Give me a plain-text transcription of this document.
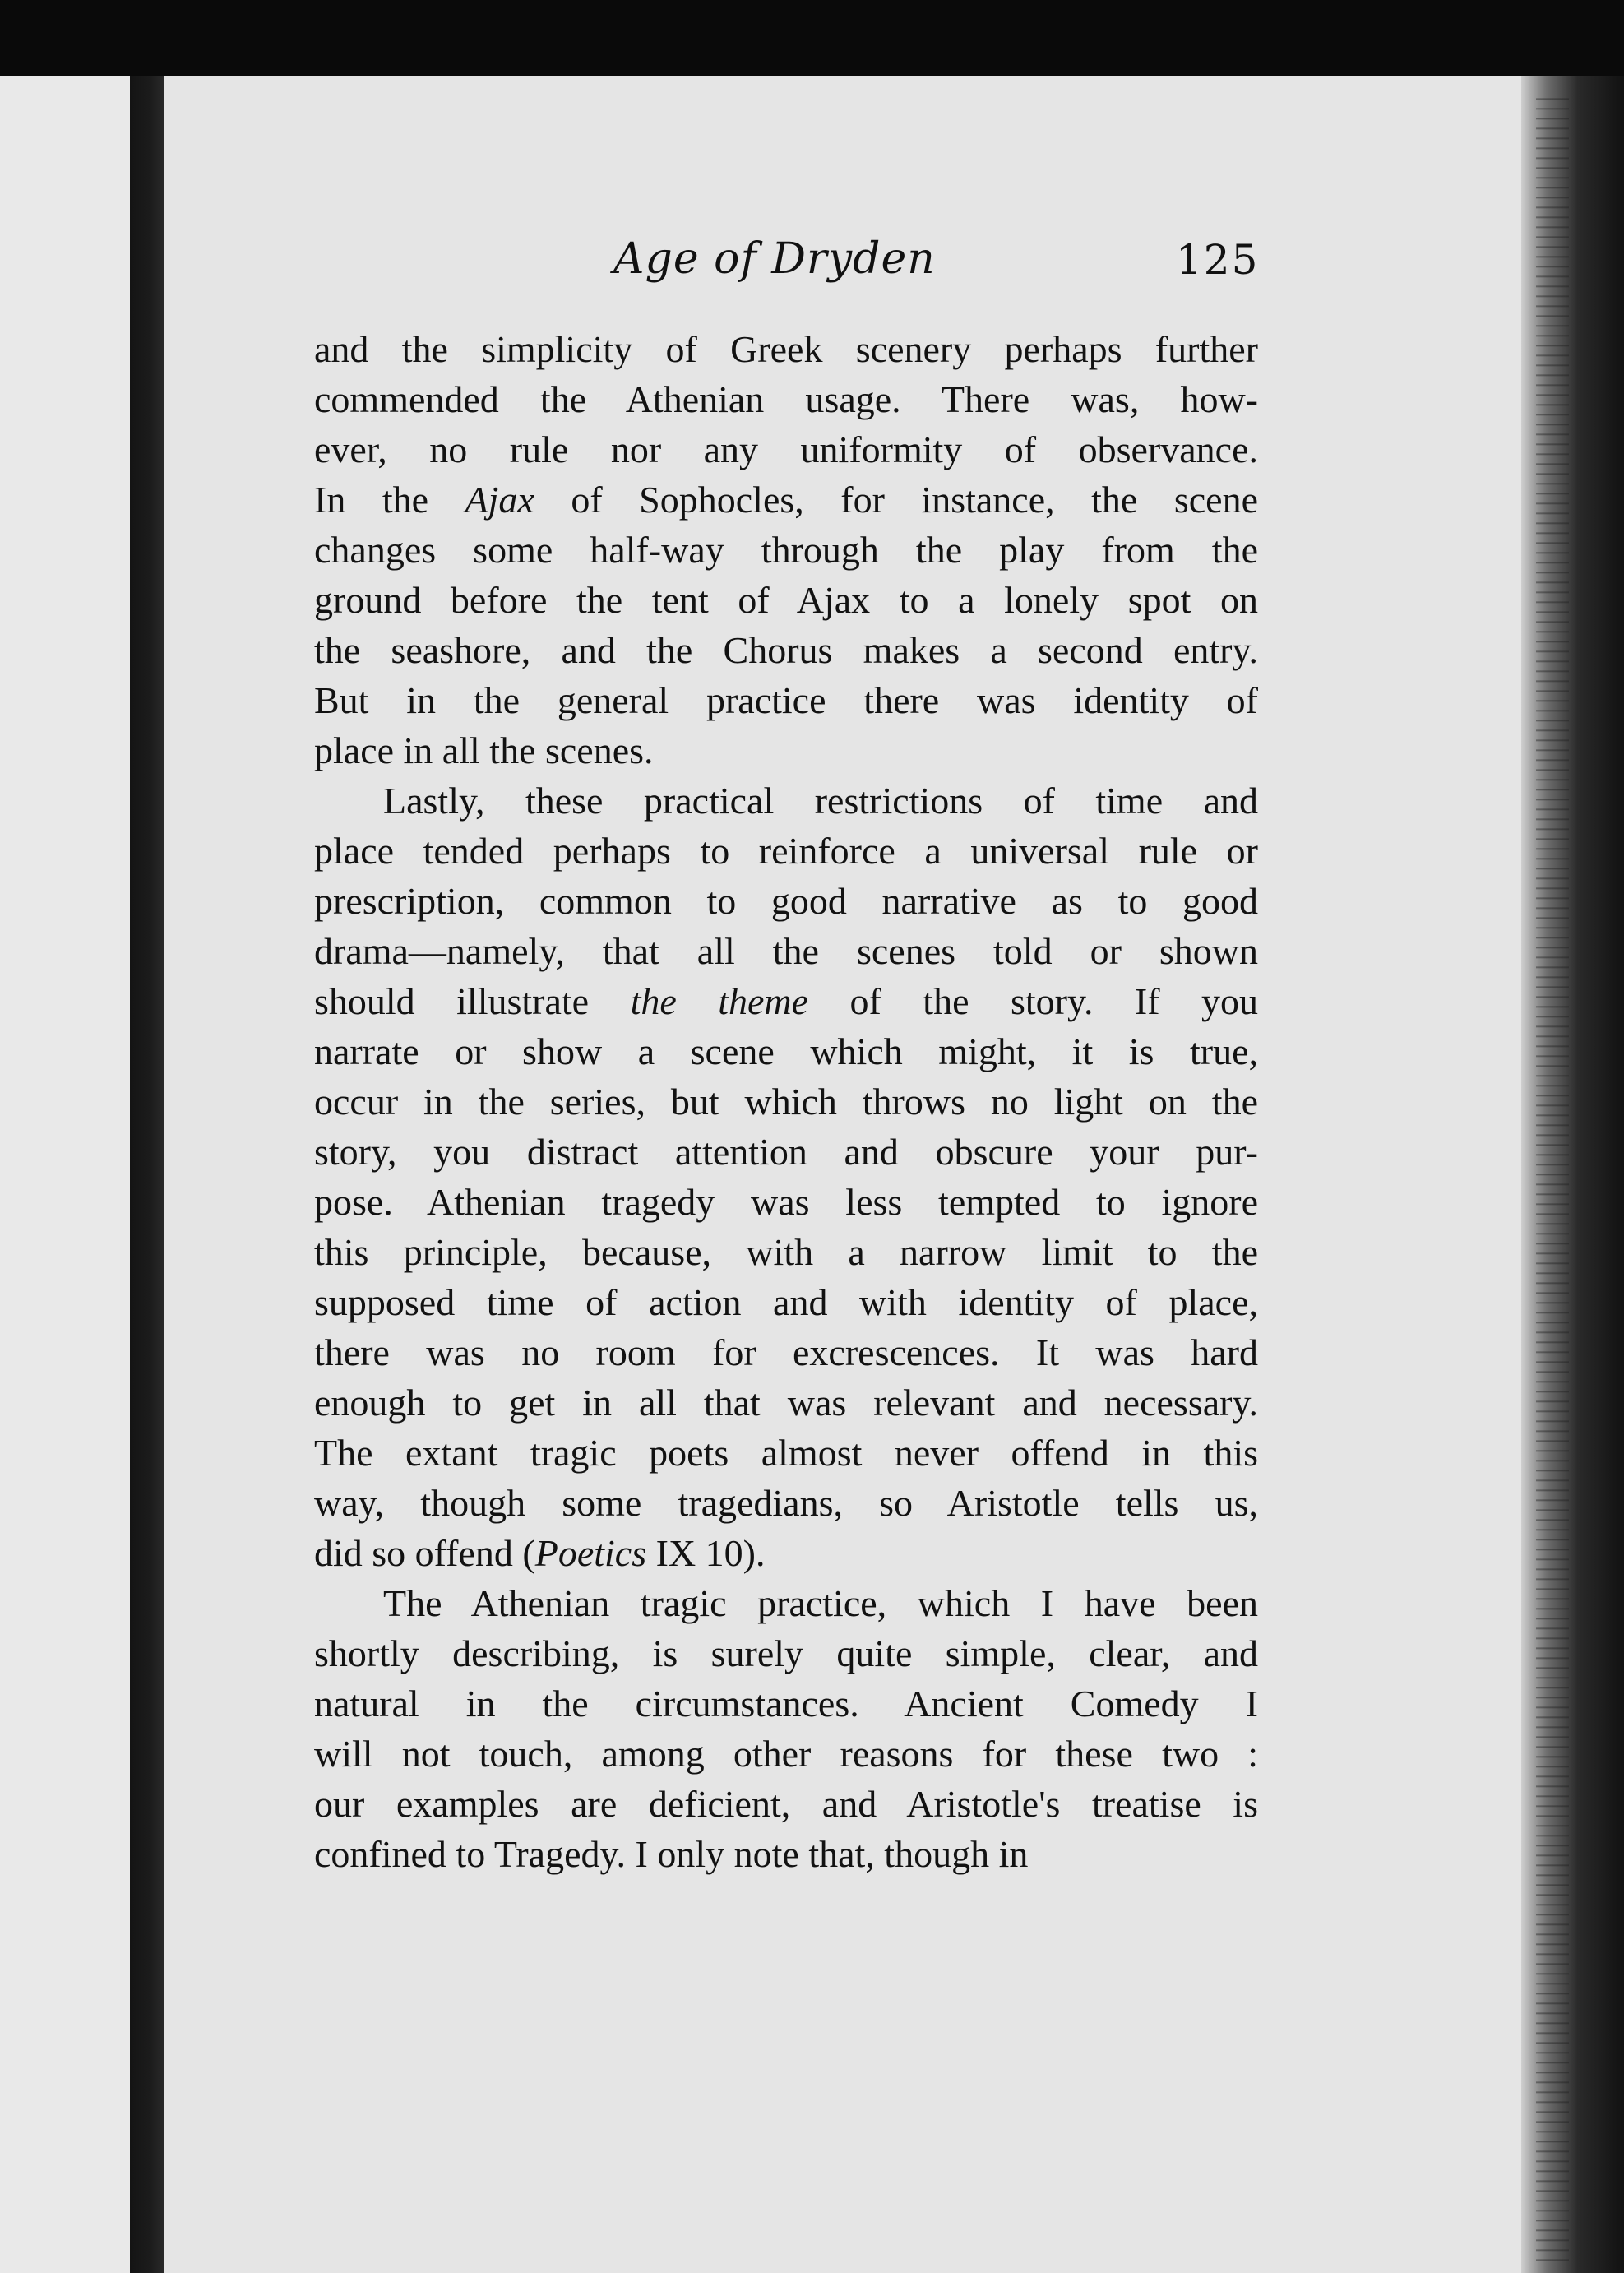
Age of Dryden	125
and the simplicity of Greek scenery perhaps further
commended the Athenian usage. There was, how-
ever, no rule nor any uniformity of observance.
In the Ajax of Sophocles, for instance, the scene
changes some half-way through the play from the
ground before the tent of Ajax to a lonely spot on
the seashore, and the Chorus makes a second entry.
But in the general practice there was identity of
place in all the scenes.
Lastly, these practical restrictions of time and
place tended perhaps to reinforce a universal rule or
prescription, common to good narrative as to good
drama—namely, that all the scenes told or shown
should illustrate the theme of the story. If you
narrate or show a scene which might, it is true,
occur in the series, but which throws no light on the
story, you distract attention and obscure your pur-
pose. Athenian tragedy was less tempted to ignore
this principle, because, with a narrow limit to the
supposed time of action and with identity of place,
there was no room for excrescences. It was hard
enough to get in all that was relevant and necessary.
The extant tragic poets almost never offend in this
way, though some tragedians, so Aristotle tells us,
did so offend (Poetics IX 10).
The Athenian tragic practice, which I have been
shortly describing, is surely quite simple, clear, and
natural in the circumstances. Ancient Comedy I
will not touch, among other reasons for these two :
our examples are deficient, and Aristotle's treatise is
confined to Tragedy. I only note that, though in
